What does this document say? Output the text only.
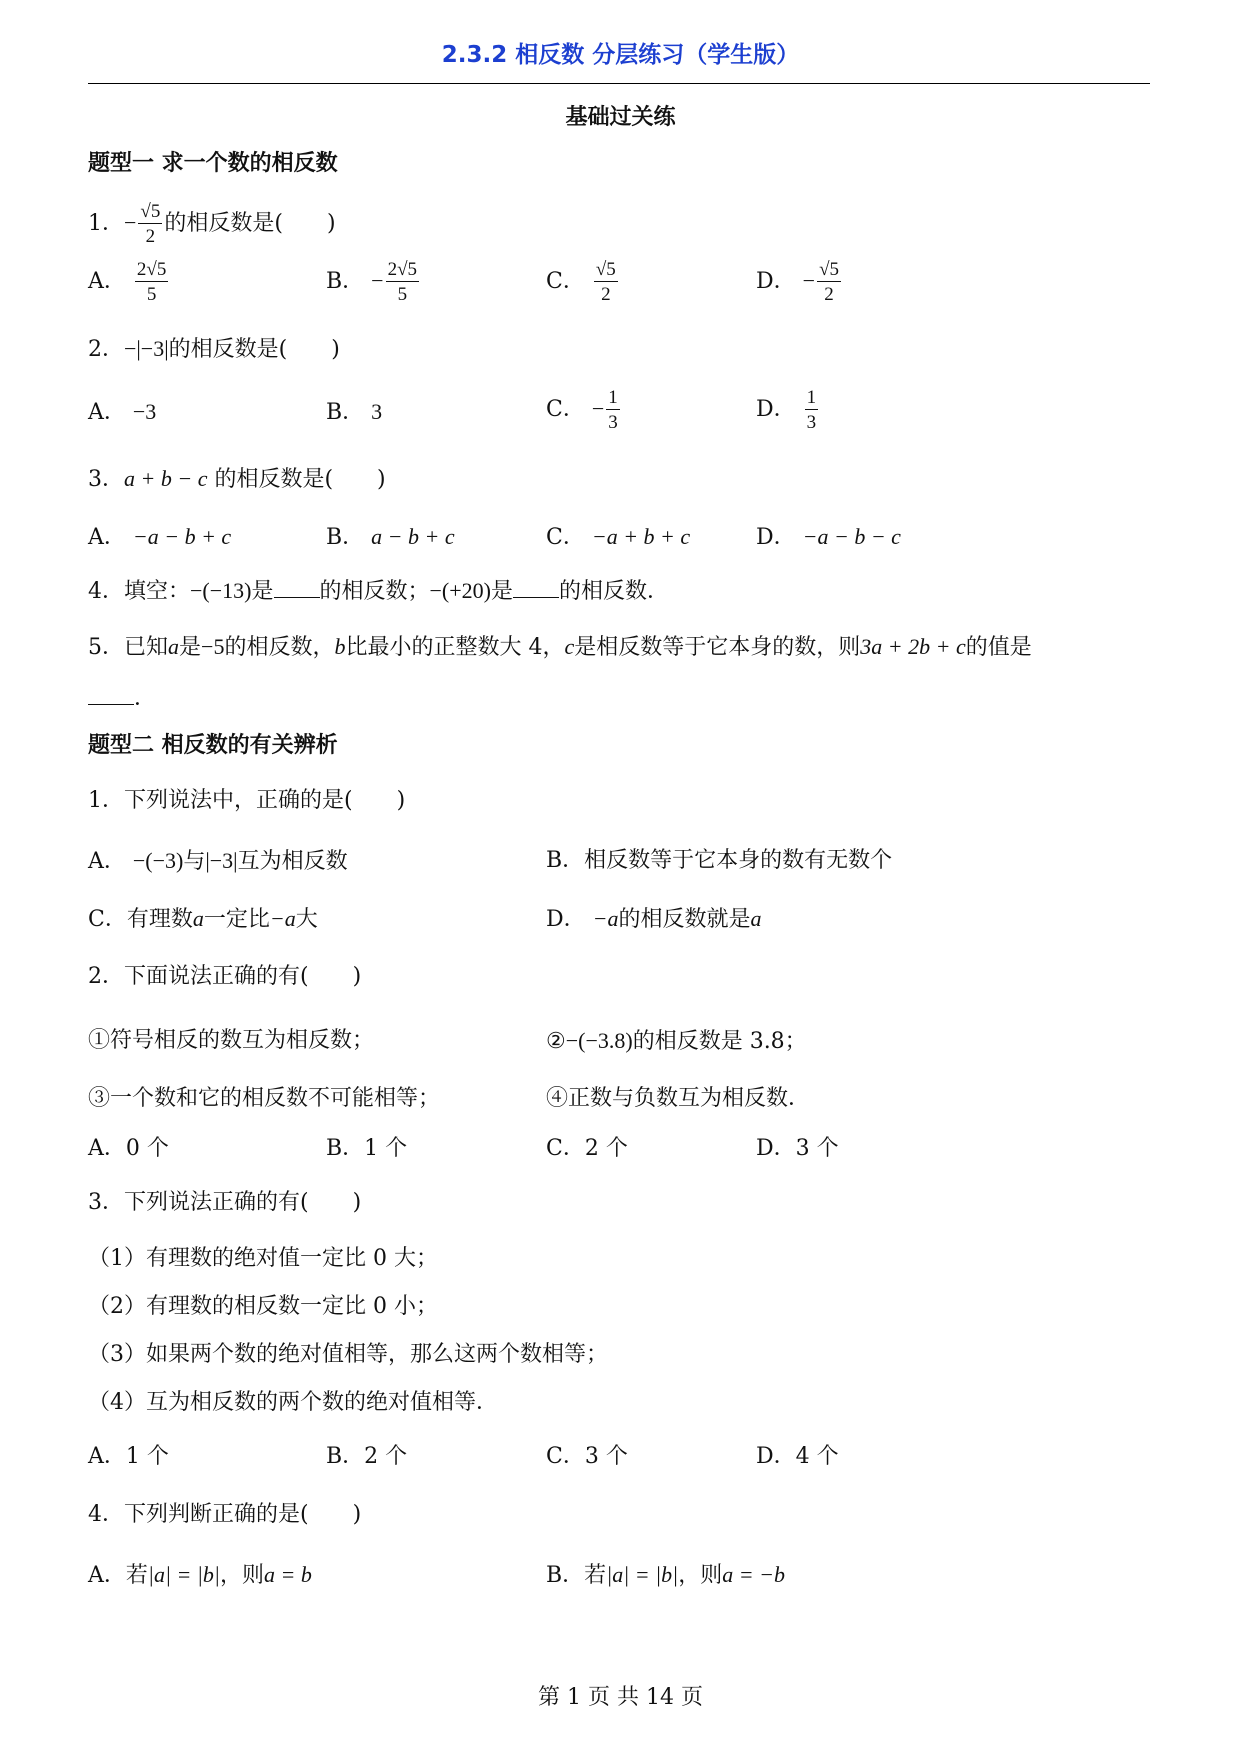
2.3.2 相反数 分层练习（学生版）
基础过关练
题型一 求一个数的相反数
1．− $\frac{√5}{2}$ 的相反数是(　　)
A． $\frac{2√5}{5}$	B． − $\frac{2√5}{5}$	C． $\frac{√5}{2}$	D． − $\frac{√5}{2}$
2．−|−3|的相反数是(　　)
A． −3	B． 3	C． − $\frac{1}{3}$	D． $\frac{1}{3}$
3．a + b − c 的相反数是(　　)
A． −a − b + c	B． a − b + c	C． −a + b + c	D． −a − b − c
4．填空：−(−13)是 的相反数；−(+20)是 的相反数．
5．已知a是−5的相反数，b比最小的正整数大 4，c是相反数等于它本身的数，则3a + 2b + c的值是
．
题型二 相反数的有关辨析
1．下列说法中，正确的是(　　)
A． −(−3)与|−3|互为相反数	B．相反数等于它本身的数有无数个
C．有理数a一定比−a大	D． −a的相反数就是a
2．下面说法正确的有(　　)
①符号相反的数互为相反数；	②−(−3.8)的相反数是 3.8；
③一个数和它的相反数不可能相等；	④正数与负数互为相反数．
A．0 个	B．1 个	C．2 个	D．3 个
3．下列说法正确的有(　　)
（1）有理数的绝对值一定比 0 大；
（2）有理数的相反数一定比 0 小；
（3）如果两个数的绝对值相等，那么这两个数相等；
（4）互为相反数的两个数的绝对值相等．
A．1 个	B．2 个	C．3 个	D．4 个
4．下列判断正确的是(　　)
A．若|a| = |b|，则a = b	B．若|a| = |b|，则a = −b
第 1 页 共 14 页
